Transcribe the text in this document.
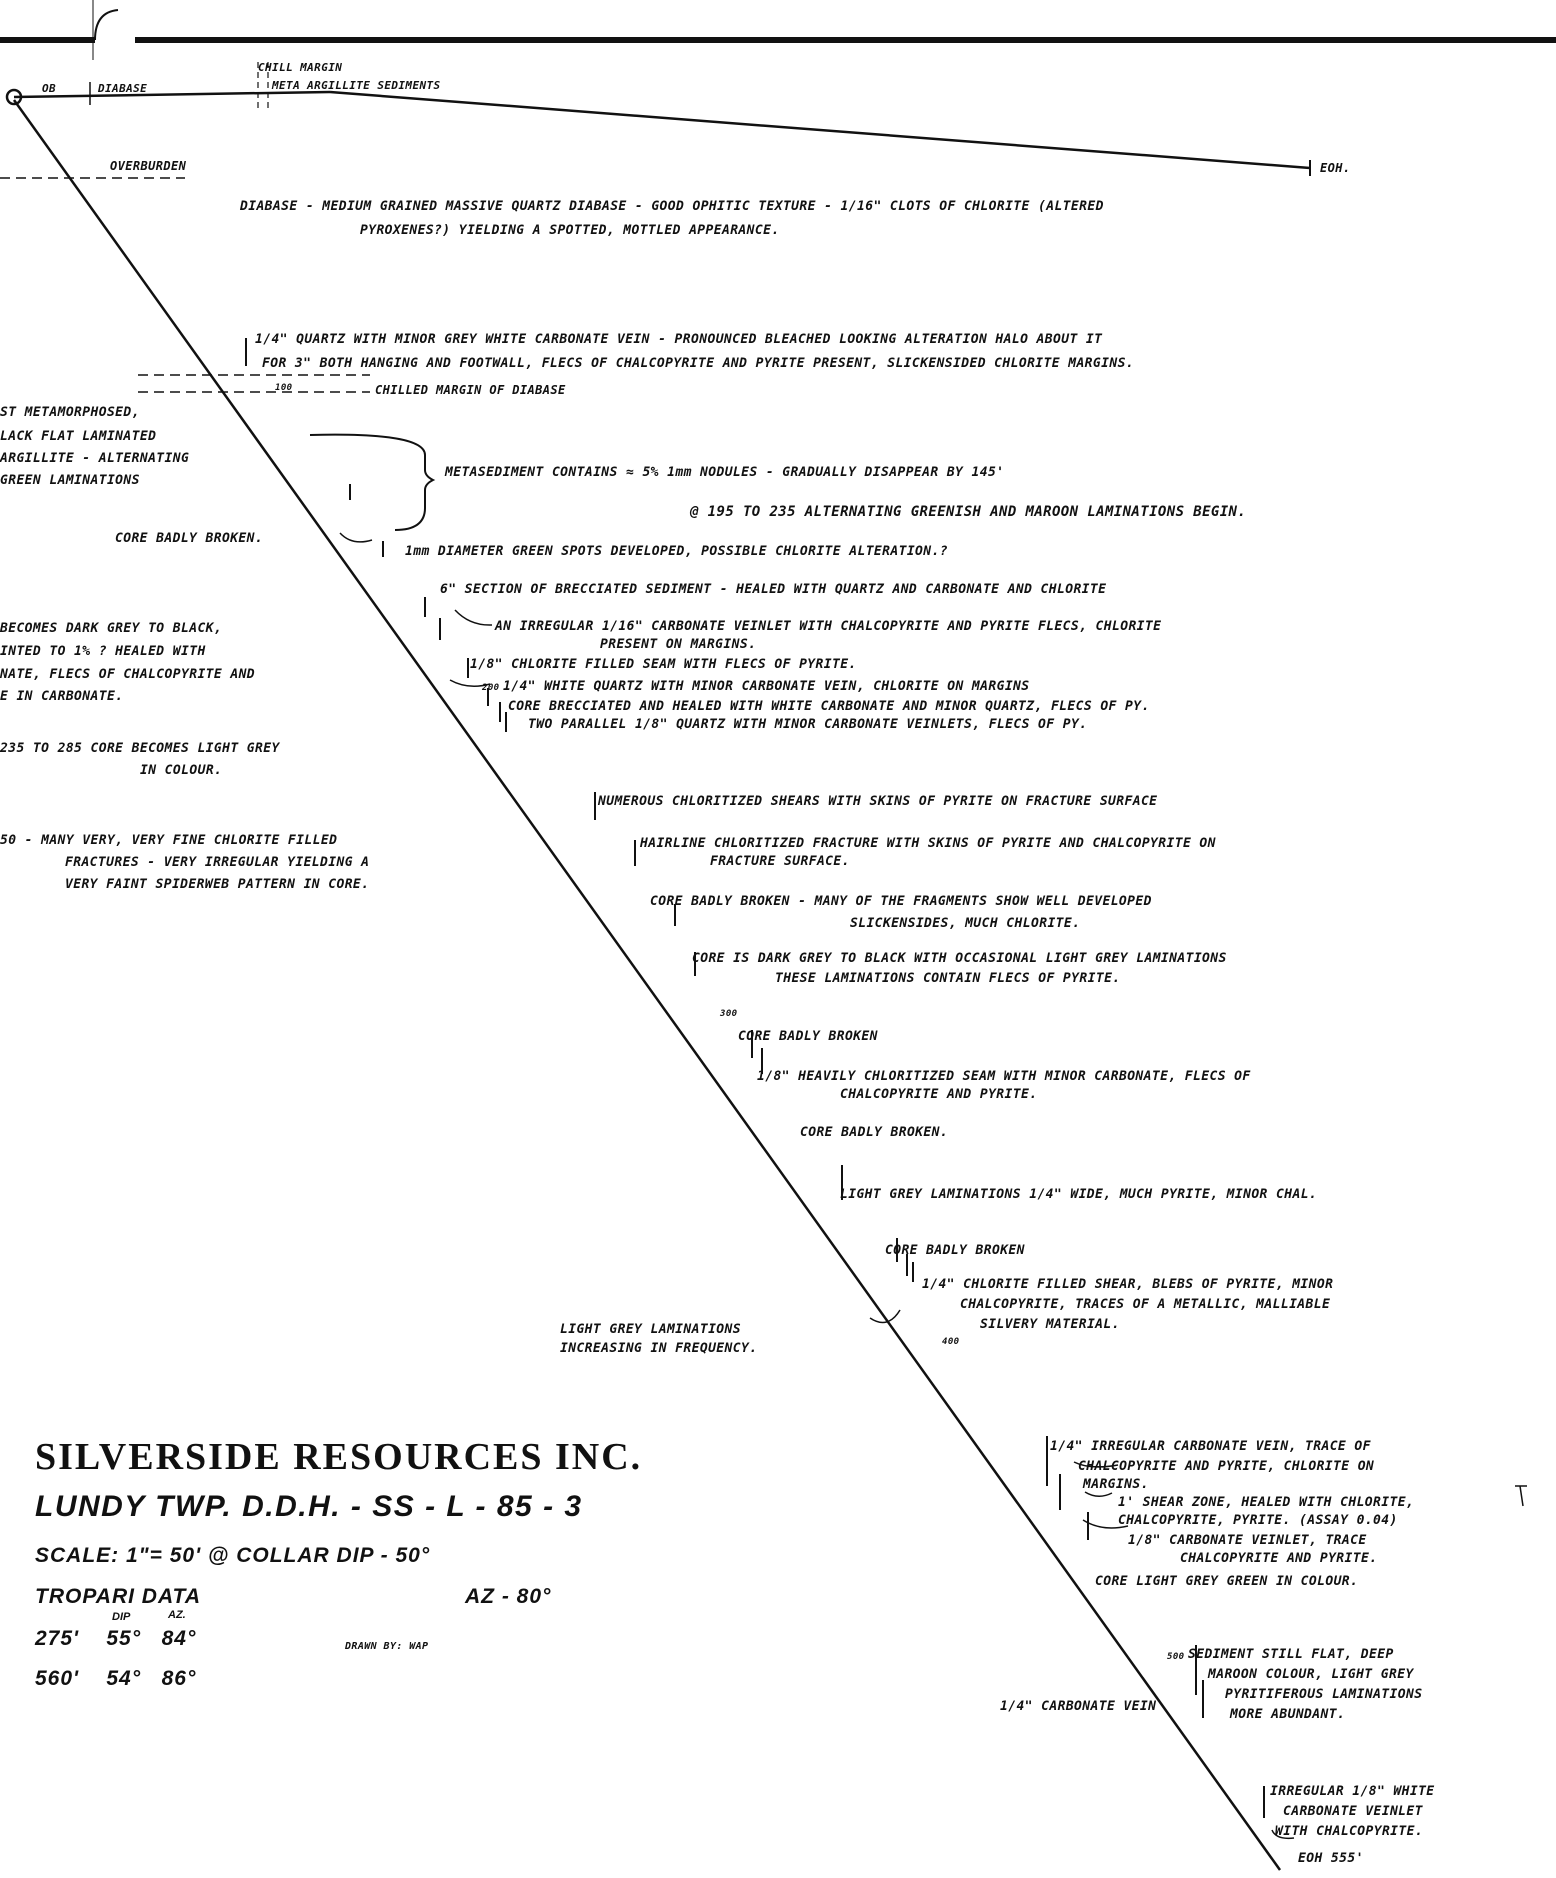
OB	DIABASE
CHILL MARGIN
META ARGILLITE SEDIMENTS
EOH.
OVERBURDEN
ST METAMORPHOSED,
LACK FLAT LAMINATED
ARGILLITE - ALTERNATING
GREEN LAMINATIONS
CORE BADLY BROKEN.
BECOMES DARK GREY TO BLACK,
INTED TO 1% ? HEALED WITH
NATE, FLECS OF CHALCOPYRITE AND
E IN CARBONATE.
235 TO 285 CORE BECOMES LIGHT GREY
IN COLOUR.
50 - MANY VERY, VERY FINE CHLORITE FILLED
FRACTURES - VERY IRREGULAR YIELDING A
VERY FAINT SPIDERWEB PATTERN IN CORE.
DIABASE - MEDIUM GRAINED MASSIVE QUARTZ DIABASE - GOOD OPHITIC TEXTURE - 1/16" CLOTS OF CHLORITE (ALTERED
PYROXENES?) YIELDING A SPOTTED, MOTTLED APPEARANCE.
1/4" QUARTZ WITH MINOR GREY WHITE CARBONATE VEIN - PRONOUNCED BLEACHED LOOKING ALTERATION HALO ABOUT IT
FOR 3" BOTH HANGING AND FOOTWALL, FLECS OF CHALCOPYRITE AND PYRITE PRESENT, SLICKENSIDED CHLORITE MARGINS.
CHILLED MARGIN OF DIABASE
METASEDIMENT CONTAINS ≈ 5% 1mm NODULES - GRADUALLY DISAPPEAR BY 145'
@ 195 TO 235 ALTERNATING GREENISH AND MAROON LAMINATIONS BEGIN.
1mm DIAMETER GREEN SPOTS DEVELOPED, POSSIBLE CHLORITE ALTERATION.?
6" SECTION OF BRECCIATED SEDIMENT - HEALED WITH QUARTZ AND CARBONATE AND CHLORITE
AN IRREGULAR 1/16" CARBONATE VEINLET WITH CHALCOPYRITE AND PYRITE FLECS, CHLORITE
PRESENT ON MARGINS.
1/8" CHLORITE FILLED SEAM WITH FLECS OF PYRITE.
1/4" WHITE QUARTZ WITH MINOR CARBONATE VEIN, CHLORITE ON MARGINS
CORE BRECCIATED AND HEALED WITH WHITE CARBONATE AND MINOR QUARTZ, FLECS OF PY.
TWO PARALLEL 1/8" QUARTZ WITH MINOR CARBONATE VEINLETS, FLECS OF PY.
NUMEROUS CHLORITIZED SHEARS WITH SKINS OF PYRITE ON FRACTURE SURFACE
HAIRLINE CHLORITIZED FRACTURE WITH SKINS OF PYRITE AND CHALCOPYRITE ON
FRACTURE SURFACE.
CORE BADLY BROKEN - MANY OF THE FRAGMENTS SHOW WELL DEVELOPED
SLICKENSIDES, MUCH CHLORITE.
CORE IS DARK GREY TO BLACK WITH OCCASIONAL LIGHT GREY LAMINATIONS
THESE LAMINATIONS CONTAIN FLECS OF PYRITE.
CORE BADLY BROKEN
1/8" HEAVILY CHLORITIZED SEAM WITH MINOR CARBONATE, FLECS OF
CHALCOPYRITE AND PYRITE.
CORE BADLY BROKEN.
LIGHT GREY LAMINATIONS 1/4" WIDE, MUCH PYRITE, MINOR CHAL.
CORE BADLY BROKEN
1/4" CHLORITE FILLED SHEAR, BLEBS OF PYRITE, MINOR
CHALCOPYRITE, TRACES OF A METALLIC, MALLIABLE
SILVERY MATERIAL.
LIGHT GREY LAMINATIONS
INCREASING IN FREQUENCY.
1/4" IRREGULAR CARBONATE VEIN, TRACE OF
CHALCOPYRITE AND PYRITE, CHLORITE ON
MARGINS.
1' SHEAR ZONE, HEALED WITH CHLORITE,
CHALCOPYRITE, PYRITE. (ASSAY 0.04)
1/8" CARBONATE VEINLET, TRACE
CHALCOPYRITE AND PYRITE.
CORE LIGHT GREY GREEN IN COLOUR.
SEDIMENT STILL FLAT, DEEP
MAROON COLOUR, LIGHT GREY
PYRITIFEROUS LAMINATIONS
MORE ABUNDANT.
1/4" CARBONATE VEIN
IRREGULAR 1/8" WHITE
CARBONATE VEINLET
WITH CHALCOPYRITE.
EOH 555'
100
200
300
400
500
SILVERSIDE RESOURCES INC.
LUNDY TWP. D.D.H. - SS - L - 85 - 3
SCALE: 1"= 50' @ COLLAR DIP - 50°
TROPARI DATA	AZ - 80°
DIP	AZ.
275'    55°   84°
560'    54°   86°
DRAWN BY: WAP
